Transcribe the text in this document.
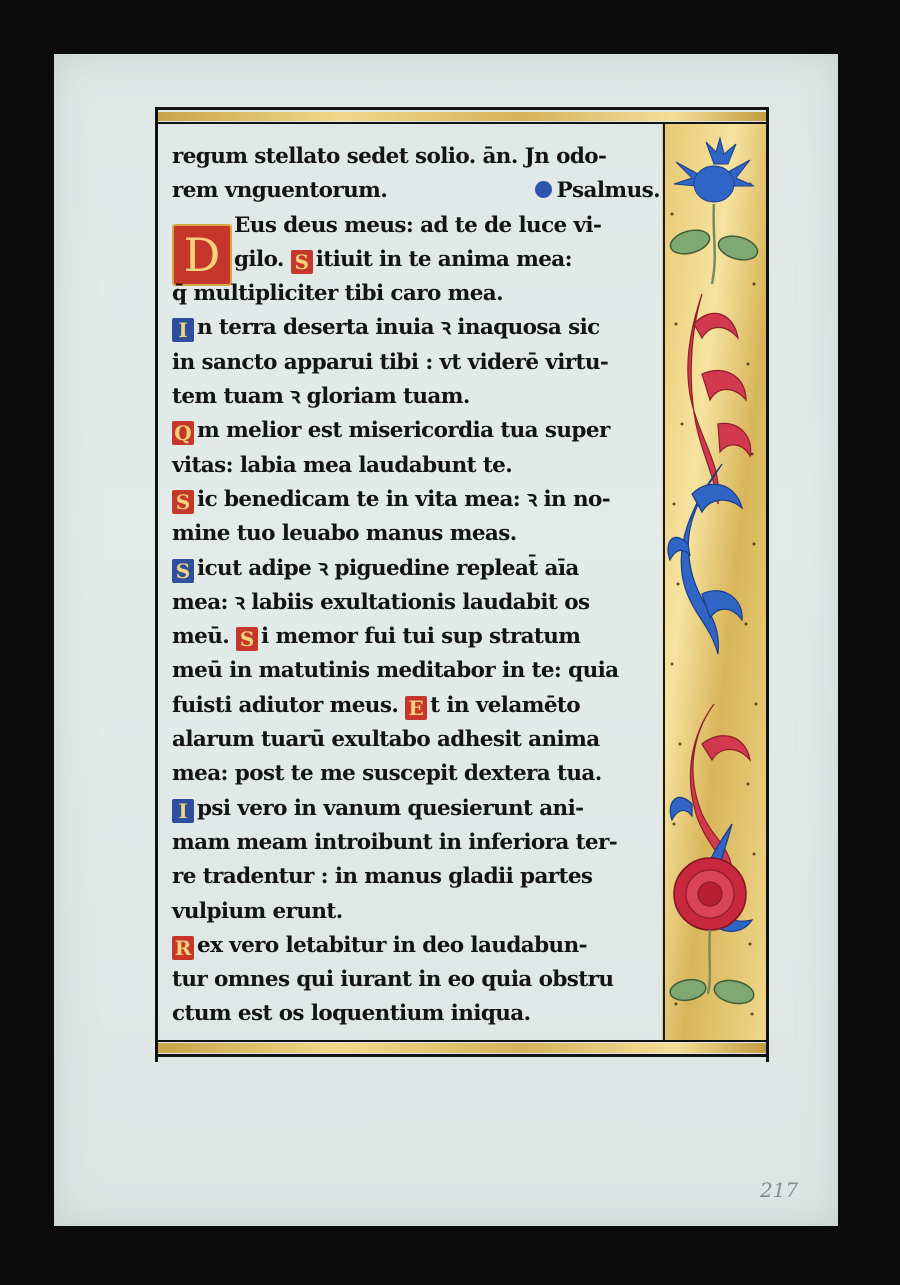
D
regum stellato sedet solio. ān. Jn odo‑
rem vnguentorum.	Psalmus.
Eus deus meus: ad te de luce vi‑
gilo. S itiuit in te anima mea:
q̄ multipliciter tibi caro mea.
I n terra deserta inuia ꝛ inaquosa sic
in sancto apparui tibi : vt viderē virtu‑
tem tuam ꝛ gloriam tuam.
Q m melior est misericordia tua super
vitas: labia mea laudabunt te.
S ic benedicam te in vita mea: ꝛ in no‑
mine tuo leuabo manus meas.
S icut adipe ꝛ piguedine repleat̄ aīa
mea: ꝛ labiis exultationis laudabit os
meū. S i memor fui tui sup stratum
meū in matutinis meditabor in te: quia
fuisti adiutor meus. E t in velamēto
alarum tuarū exultabo adhesit anima
mea: post te me suscepit dextera tua.
I psi vero in vanum quesierunt ani‑
mam meam introibunt in inferiora ter‑
re tradentur : in manus gladii partes
vulpium erunt.
R ex vero letabitur in deo laudabun‑
tur omnes qui iurant in eo quia obstru
ctum est os loquentium iniqua.
217
